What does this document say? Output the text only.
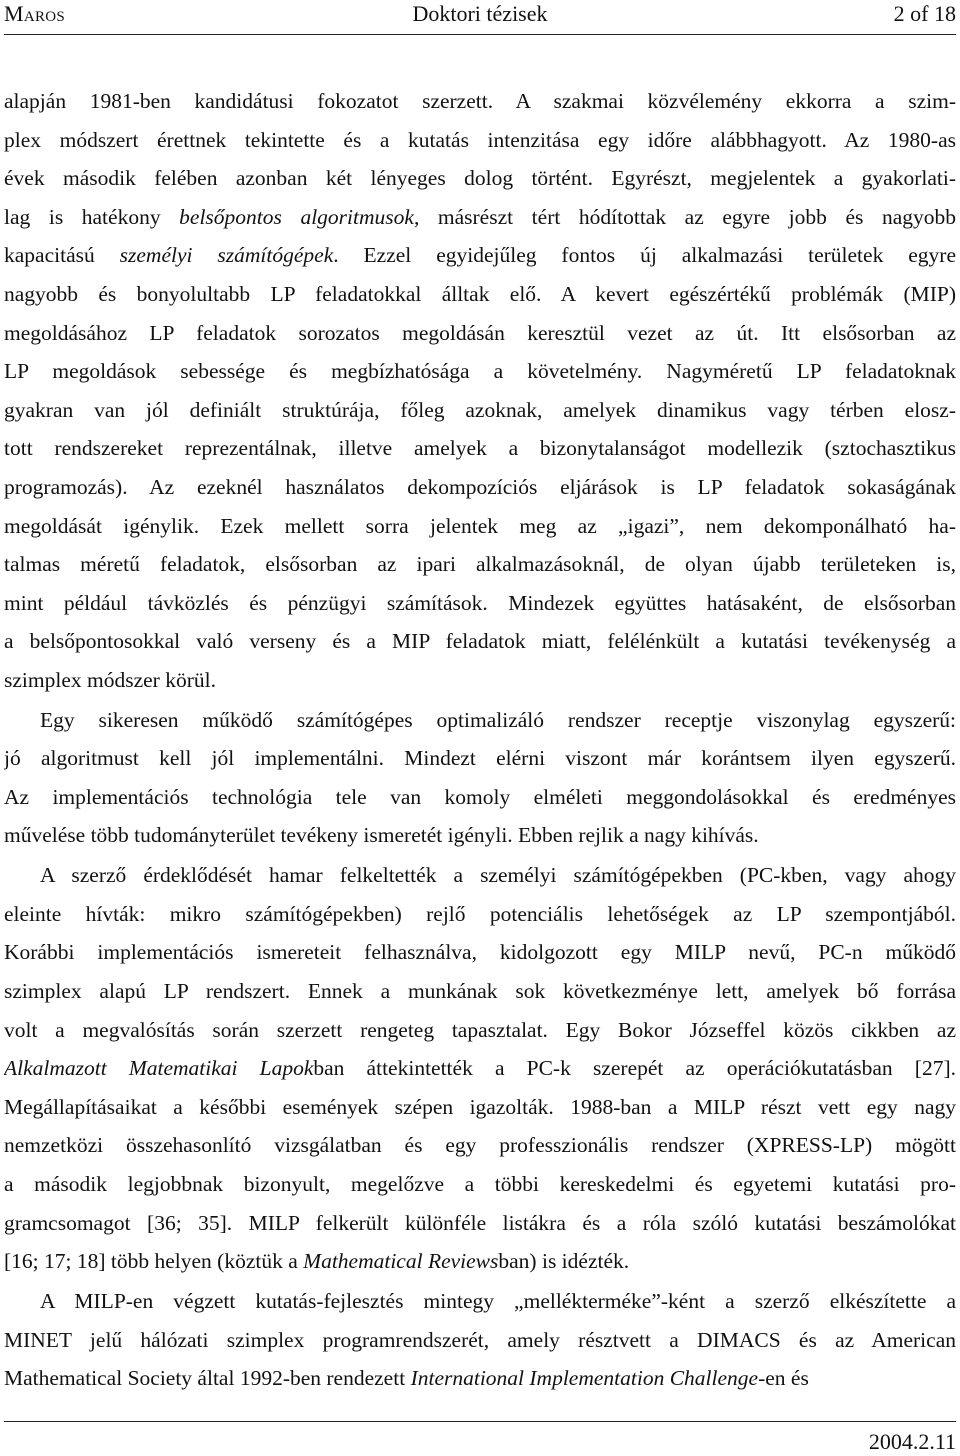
Maros	Doktori tézisek	2 of 18
alapján 1981-ben kandidátusi fokozatot szerzett. A szakmai közvélemény ekkorra a szim-
plex módszert érettnek tekintette és a kutatás intenzitása egy időre alábbhagyott. Az 1980-as
évek második felében azonban két lényeges dolog történt. Egyrészt, megjelentek a gyakorlati-
lag is hatékony belsőpontos algoritmusok, másrészt tért hódítottak az egyre jobb és nagyobb
kapacitású személyi számítógépek. Ezzel egyidejűleg fontos új alkalmazási területek egyre
nagyobb és bonyolultabb LP feladatokkal álltak elő. A kevert egészértékű problémák (MIP)
megoldásához LP feladatok sorozatos megoldásán keresztül vezet az út. Itt elsősorban az
LP megoldások sebessége és megbízhatósága a követelmény. Nagyméretű LP feladatoknak
gyakran van jól definiált struktúrája, főleg azoknak, amelyek dinamikus vagy térben elosz-
tott rendszereket reprezentálnak, illetve amelyek a bizonytalanságot modellezik (sztochasztikus
programozás). Az ezeknél használatos dekompozíciós eljárások is LP feladatok sokaságának
megoldását igénylik. Ezek mellett sorra jelentek meg az „igazi”, nem dekomponálható ha-
talmas méretű feladatok, elsősorban az ipari alkalmazásoknál, de olyan újabb területeken is,
mint például távközlés és pénzügyi számítások. Mindezek együttes hatásaként, de elsősorban
a belsőpontosokkal való verseny és a MIP feladatok miatt, felélénkült a kutatási tevékenység a
szimplex módszer körül.
Egy sikeresen működő számítógépes optimalizáló rendszer receptje viszonylag egyszerű:
jó algoritmust kell jól implementálni. Mindezt elérni viszont már korántsem ilyen egyszerű.
Az implementációs technológia tele van komoly elméleti meggondolásokkal és eredményes
művelése több tudományterület tevékeny ismeretét igényli. Ebben rejlik a nagy kihívás.
A szerző érdeklődését hamar felkeltették a személyi számítógépekben (PC-kben, vagy ahogy
eleinte hívták: mikro számítógépekben) rejlő potenciális lehetőségek az LP szempontjából.
Korábbi implementációs ismereteit felhasználva, kidolgozott egy MILP nevű, PC-n működő
szimplex alapú LP rendszert. Ennek a munkának sok következménye lett, amelyek bő forrása
volt a megvalósítás során szerzett rengeteg tapasztalat. Egy Bokor Józseffel közös cikkben az
Alkalmazott Matematikai Lapokban áttekintették a PC-k szerepét az operációkutatásban [27].
Megállapításaikat a későbbi események szépen igazolták. 1988-ban a MILP részt vett egy nagy
nemzetközi összehasonlító vizsgálatban és egy professzionális rendszer (XPRESS-LP) mögött
a második legjobbnak bizonyult, megelőzve a többi kereskedelmi és egyetemi kutatási pro-
gramcsomagot [36; 35]. MILP felkerült különféle listákra és a róla szóló kutatási beszámolókat
[16; 17; 18] több helyen (köztük a Mathematical Reviewsban) is idézték.
A MILP-en végzett kutatás-fejlesztés mintegy „mellékterméke”-ként a szerző elkészítette a
MINET jelű hálózati szimplex programrendszerét, amely résztvett a DIMACS és az American
Mathematical Society által 1992-ben rendezett International Implementation Challenge-en és
2004.2.11
